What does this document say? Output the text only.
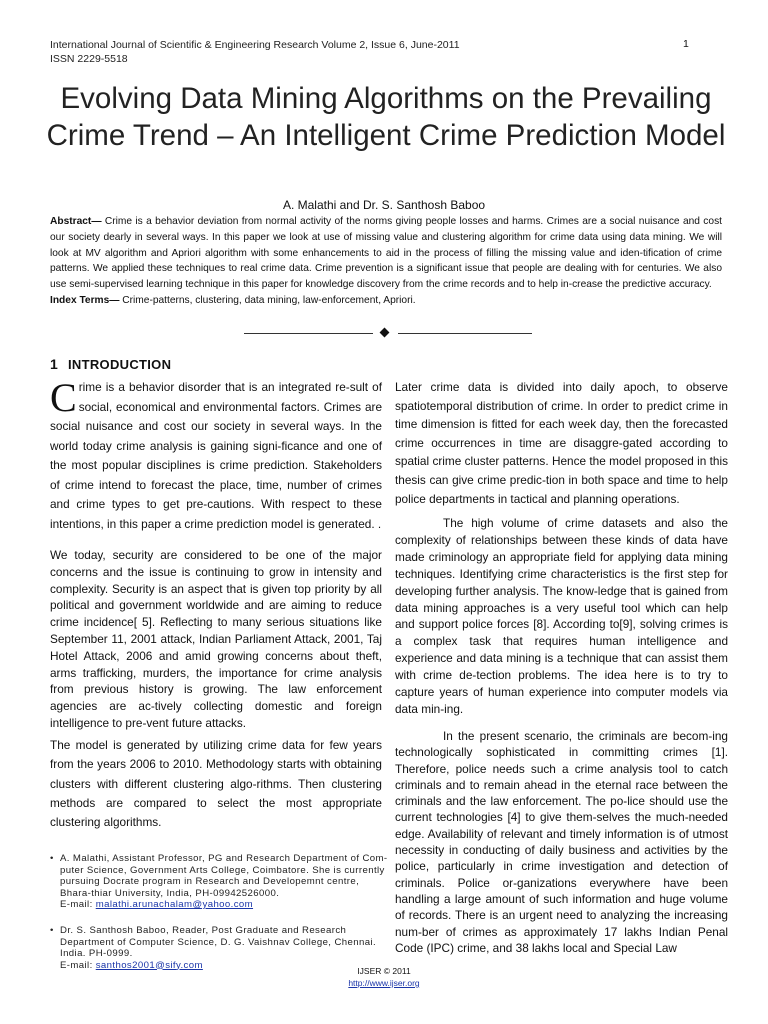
International Journal of Scientific & Engineering Research Volume 2, Issue 6, June-2011
ISSN 2229-5518
1
Evolving Data Mining Algorithms on the Prevailing Crime Trend – An Intelligent Crime Prediction Model
A. Malathi and Dr. S. Santhosh Baboo
Abstract— Crime is a behavior deviation from normal activity of the norms giving people losses and harms. Crimes are a social nuisance and cost our society dearly in several ways. In this paper we look at use of missing value and clustering algorithm for crime data using data mining. We will look at MV algorithm and Apriori algorithm with some enhancements to aid in the process of filling the missing value and iden-tification of crime patterns. We applied these techniques to real crime data. Crime prevention is a significant issue that people are dealing with for centuries. We also use semi-supervised learning technique in this paper for knowledge discovery from the crime records and to help in-crease the predictive accuracy.
Index Terms— Crime-patterns, clustering, data mining, law-enforcement, Apriori.
1 INTRODUCTION
Crime is a behavior disorder that is an integrated re-sult of social, economical and environmental factors. Crimes are social nuisance and cost our society in several ways. In the world today crime analysis is gaining signi-ficance and one of the most popular disciplines is crime prediction. Stakeholders of crime intend to forecast the place, time, number of crimes and crime types to get pre-cautions. With respect to these intentions, in this paper a crime prediction model is generated. .
We today, security are considered to be one of the major concerns and the issue is continuing to grow in intensity and complexity. Security is an aspect that is given top priority by all political and government worldwide and are aiming to reduce crime incidence[ 5]. Reflecting to many serious situations like September 11, 2001 attack, Indian Parliament Attack, 2001, Taj Hotel Attack, 2006 and amid growing concerns about theft, arms trafficking, murders, the importance for crime analysis from previous history is growing. The law enforcement agencies are ac-tively collecting domestic and foreign intelligence to pre-vent future attacks.
The model is generated by utilizing crime data for few years from the years 2006 to 2010. Methodology starts with obtaining clusters with different clustering algo-rithms. Then clustering methods are compared to select the most appropriate clustering algorithms.
• A. Malathi, Assistant Professor, PG and Research Department of Com-puter Science, Government Arts College, Coimbatore. She is currently pursuing Docrate program in Research and Developemnt centre, Bhara-thiar University, India, PH-09942526000.
E-mail: malathi.arunachalam@yahoo.com
• Dr. S. Santhosh Baboo, Reader, Post Graduate and Research Department of Computer Science, D. G. Vaishnav College, Chennai. India. PH-0999.
E-mail: santhos2001@sify.com
Later crime data is divided into daily apoch, to observe spatiotemporal distribution of crime. In order to predict crime in time dimension is fitted for each week day, then the forecasted crime occurrences in time are disaggre-gated according to spatial crime cluster patterns. Hence the model proposed in this thesis can give crime predic-tion in both space and time to help police departments in tactical and planning operations.
The high volume of crime datasets and also the complexity of relationships between these kinds of data have made criminology an appropriate field for applying data mining techniques. Identifying crime characteristics is the first step for developing further analysis. The know-ledge that is gained from data mining approaches is a very useful tool which can help and support police forces [8]. According to[9], solving crimes is a complex task that requires human intelligence and experience and data mining is a technique that can assist them with crime de-tection problems. The idea here is to try to capture years of human experience into computer models via data min-ing.
In the present scenario, the criminals are becom-ing technologically sophisticated in committing crimes [1]. Therefore, police needs such a crime analysis tool to catch criminals and to remain ahead in the eternal race between the criminals and the law enforcement. The po-lice should use the current technologies [4] to give them-selves the much-needed edge. Availability of relevant and timely information is of utmost necessity in conducting of daily business and activities by the police, particularly in crime investigation and detection of criminals. Police or-ganizations everywhere have been handling a large amount of such information and huge volume of records. There is an urgent need to analyzing the increasing num-ber of crimes as approximately 17 lakhs Indian Penal Code (IPC) crime, and 38 lakhs local and Special Law
IJSER © 2011
http://www.ijser.org
